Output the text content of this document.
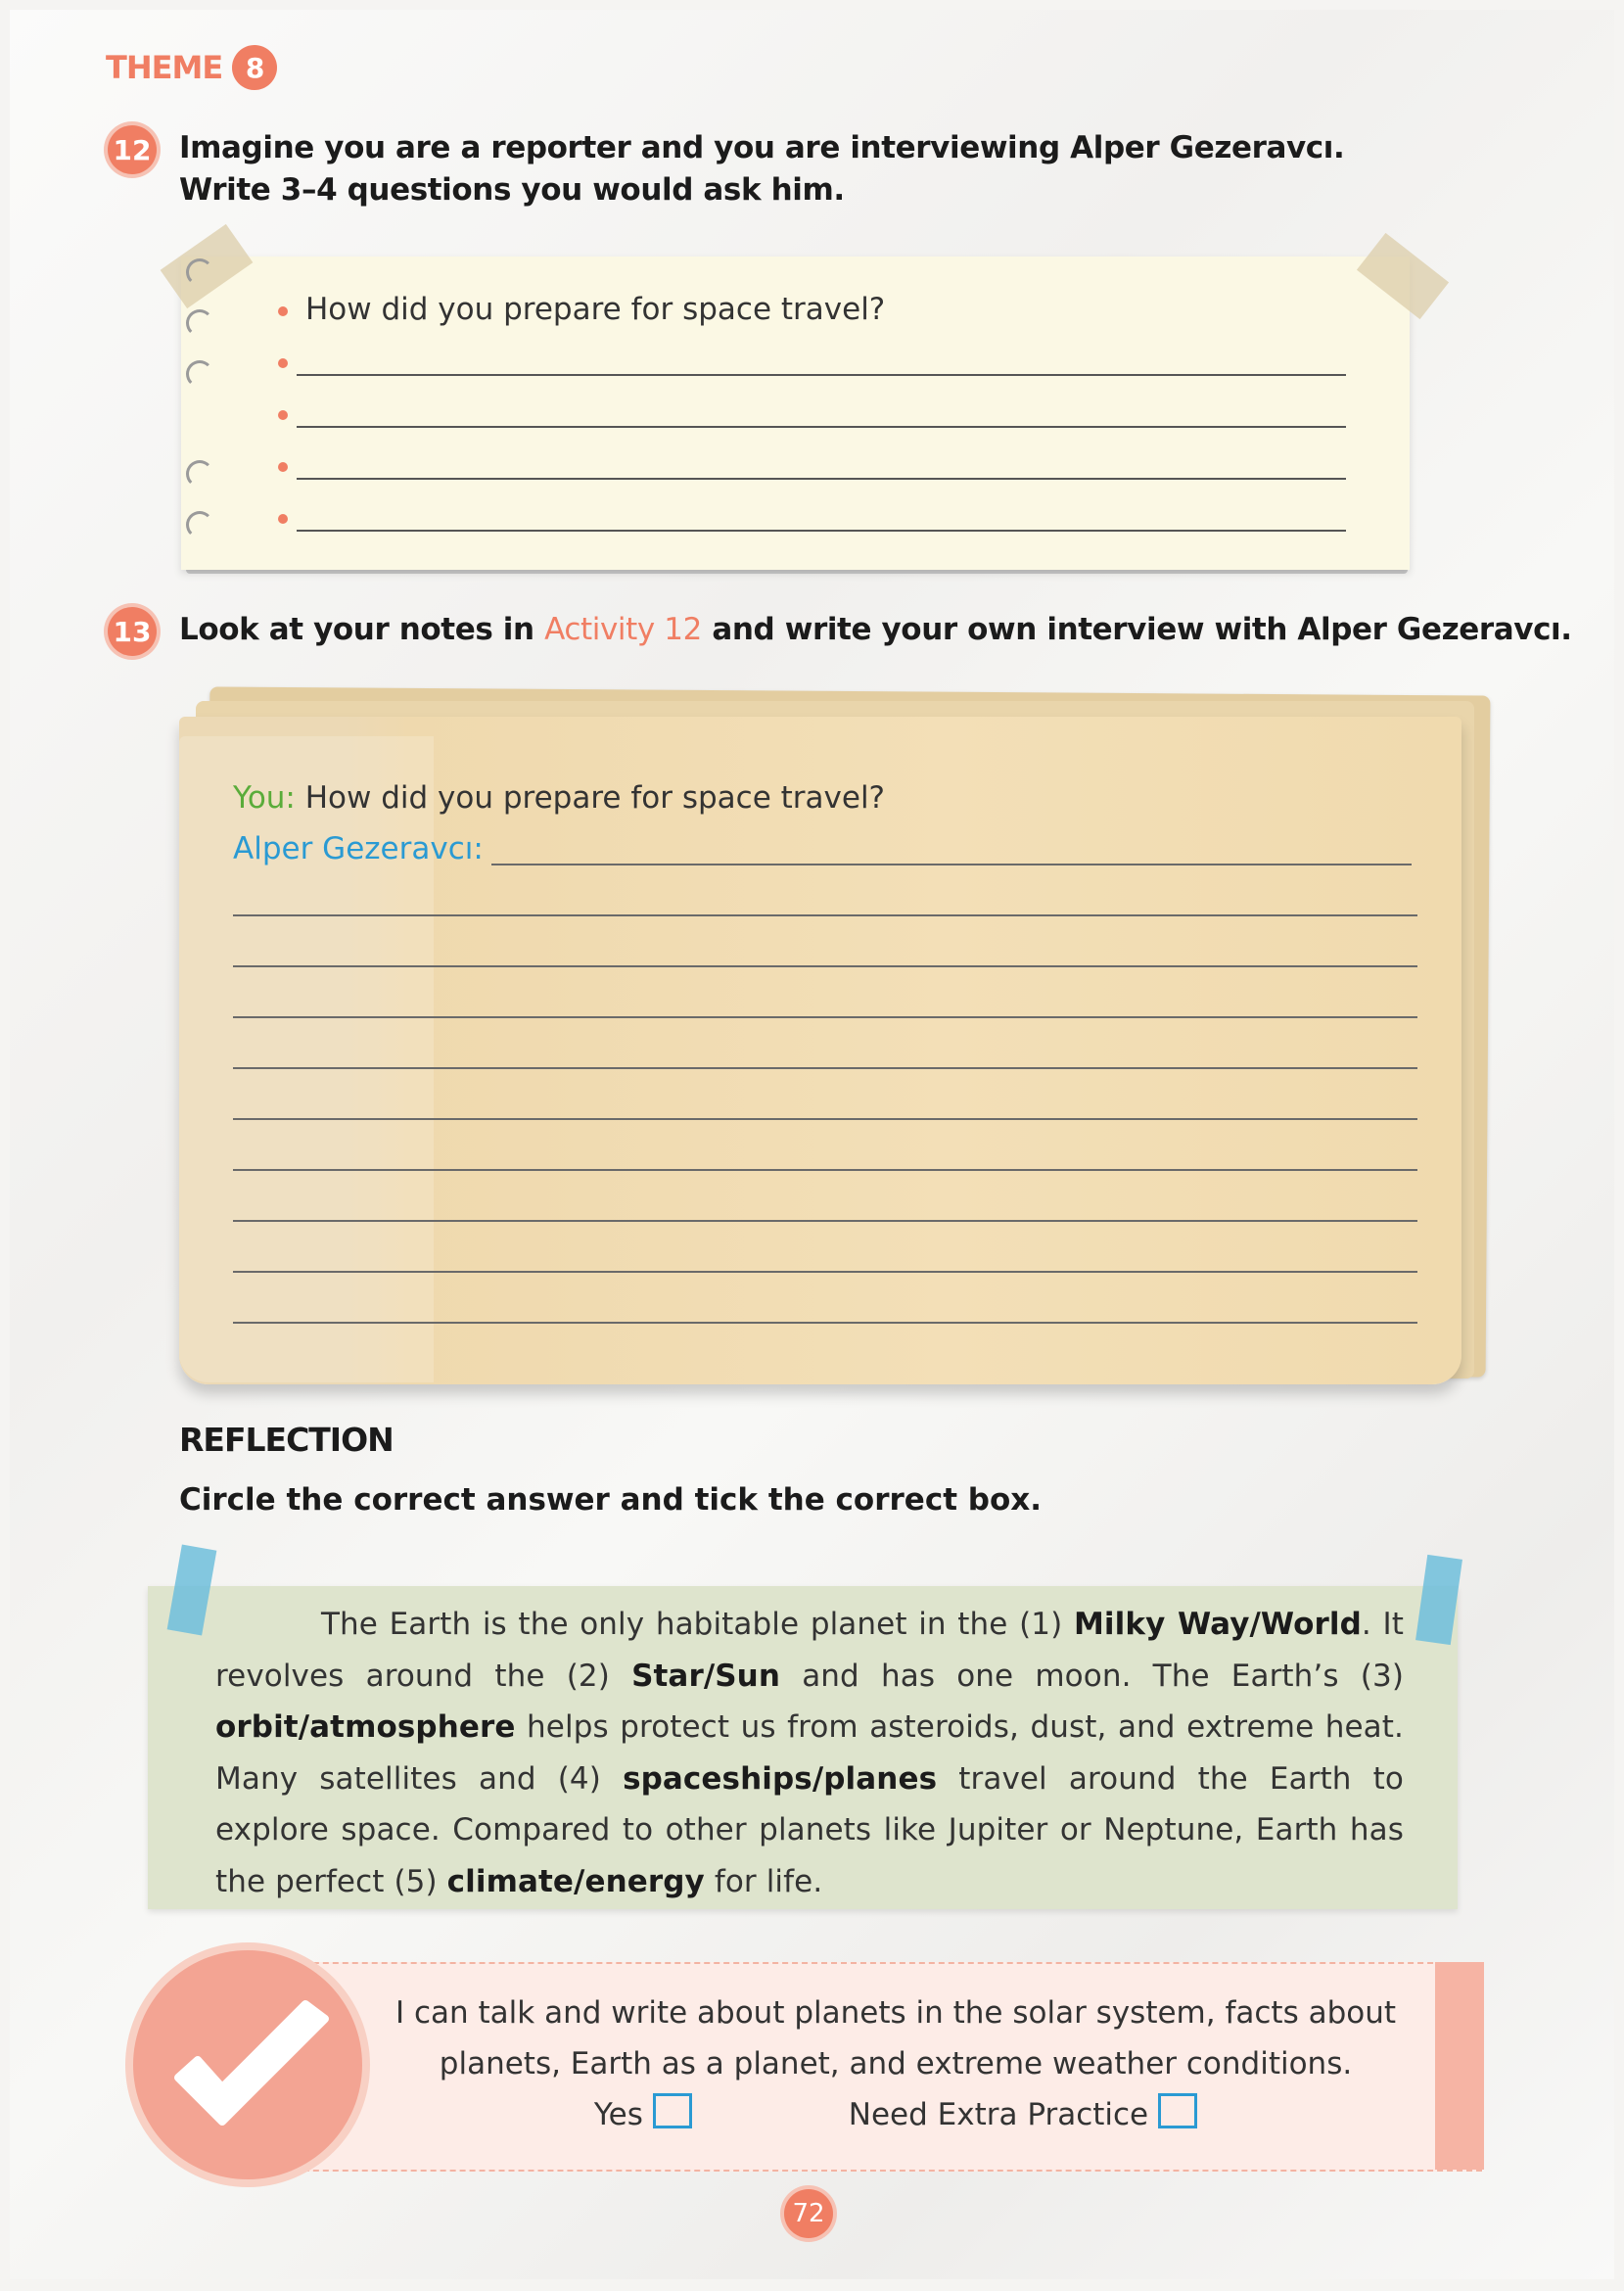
THEME 8
12 Imagine you are a reporter and you are interviewing Alper Gezeravcı.
Write 3–4 questions you would ask him.
How did you prepare for space travel?
13 Look at your notes in Activity 12 and write your own interview with Alper Gezeravcı.
You: How did you prepare for space travel?
Alper Gezeravcı:
REFLECTION
Circle the correct answer and tick the correct box.
The Earth is the only habitable planet in the (1) Milky Way/World. It revolves around the (2) Star/Sun and has one moon. The Earth’s (3) orbit/atmosphere helps protect us from asteroids, dust, and extreme heat. Many satellites and (4) spaceships/planes travel around the Earth to explore space. Compared to other planets like Jupiter or Neptune, Earth has the perfect (5) climate/energy for life.
I can talk and write about planets in the solar system, facts about
planets, Earth as a planet, and extreme weather conditions.
Yes	Need Extra Practice
72
